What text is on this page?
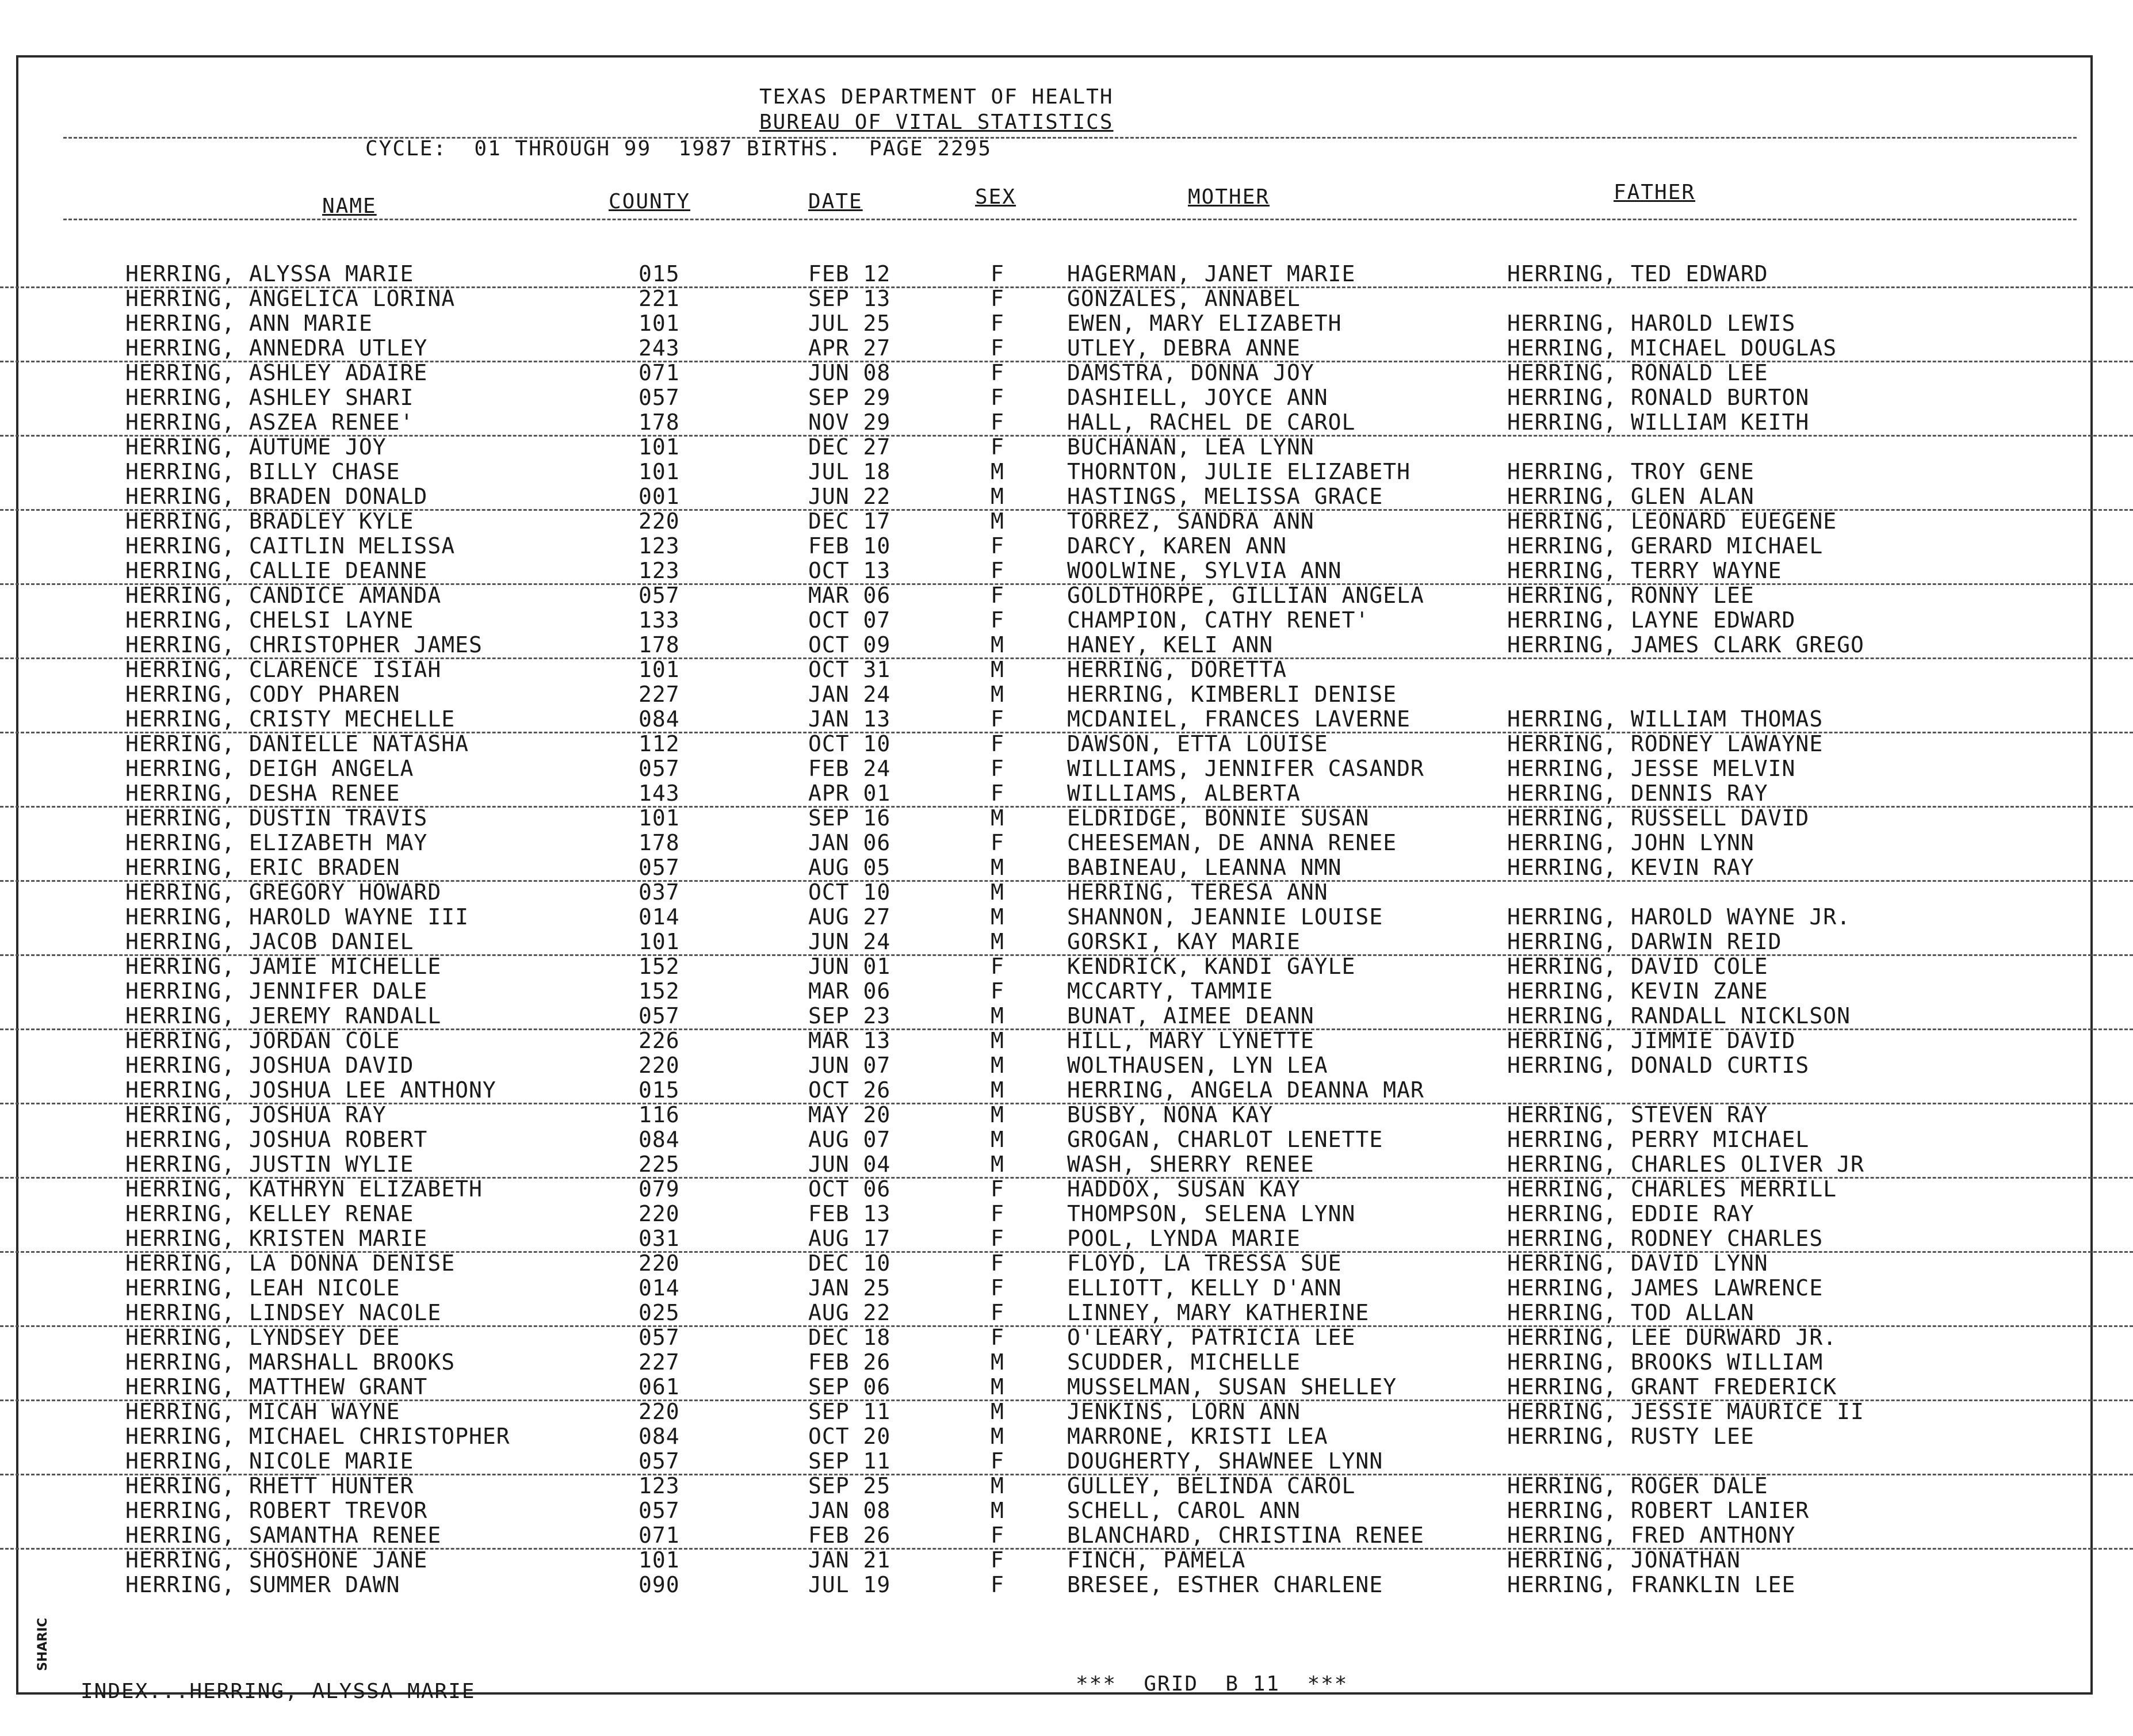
TEXAS DEPARTMENT OF HEALTH
BUREAU OF VITAL STATISTICS
CYCLE:  01 THROUGH 99  1987 BIRTHS.  PAGE 2295
NAME	COUNTY	DATE	SEX	MOTHER	FATHER
HERRING, ALYSSA MARIE	015	FEB 12	F	HAGERMAN, JANET MARIE	HERRING, TED EDWARD
HERRING, ANGELICA LORINA	221	SEP 13	F	GONZALES, ANNABEL
HERRING, ANN MARIE	101	JUL 25	F	EWEN, MARY ELIZABETH	HERRING, HAROLD LEWIS
HERRING, ANNEDRA UTLEY	243	APR 27	F	UTLEY, DEBRA ANNE	HERRING, MICHAEL DOUGLAS
HERRING, ASHLEY ADAIRE	071	JUN 08	F	DAMSTRA, DONNA JOY	HERRING, RONALD LEE
HERRING, ASHLEY SHARI	057	SEP 29	F	DASHIELL, JOYCE ANN	HERRING, RONALD BURTON
HERRING, ASZEA RENEE'	178	NOV 29	F	HALL, RACHEL DE CAROL	HERRING, WILLIAM KEITH
HERRING, AUTUME JOY	101	DEC 27	F	BUCHANAN, LEA LYNN
HERRING, BILLY CHASE	101	JUL 18	M	THORNTON, JULIE ELIZABETH	HERRING, TROY GENE
HERRING, BRADEN DONALD	001	JUN 22	M	HASTINGS, MELISSA GRACE	HERRING, GLEN ALAN
HERRING, BRADLEY KYLE	220	DEC 17	M	TORREZ, SANDRA ANN	HERRING, LEONARD EUEGENE
HERRING, CAITLIN MELISSA	123	FEB 10	F	DARCY, KAREN ANN	HERRING, GERARD MICHAEL
HERRING, CALLIE DEANNE	123	OCT 13	F	WOOLWINE, SYLVIA ANN	HERRING, TERRY WAYNE
HERRING, CANDICE AMANDA	057	MAR 06	F	GOLDTHORPE, GILLIAN ANGELA	HERRING, RONNY LEE
HERRING, CHELSI LAYNE	133	OCT 07	F	CHAMPION, CATHY RENET'	HERRING, LAYNE EDWARD
HERRING, CHRISTOPHER JAMES	178	OCT 09	M	HANEY, KELI ANN	HERRING, JAMES CLARK GREGO
HERRING, CLARENCE ISIAH	101	OCT 31	M	HERRING, DORETTA
HERRING, CODY PHAREN	227	JAN 24	M	HERRING, KIMBERLI DENISE
HERRING, CRISTY MECHELLE	084	JAN 13	F	MCDANIEL, FRANCES LAVERNE	HERRING, WILLIAM THOMAS
HERRING, DANIELLE NATASHA	112	OCT 10	F	DAWSON, ETTA LOUISE	HERRING, RODNEY LAWAYNE
HERRING, DEIGH ANGELA	057	FEB 24	F	WILLIAMS, JENNIFER CASANDR	HERRING, JESSE MELVIN
HERRING, DESHA RENEE	143	APR 01	F	WILLIAMS, ALBERTA	HERRING, DENNIS RAY
HERRING, DUSTIN TRAVIS	101	SEP 16	M	ELDRIDGE, BONNIE SUSAN	HERRING, RUSSELL DAVID
HERRING, ELIZABETH MAY	178	JAN 06	F	CHEESEMAN, DE ANNA RENEE	HERRING, JOHN LYNN
HERRING, ERIC BRADEN	057	AUG 05	M	BABINEAU, LEANNA NMN	HERRING, KEVIN RAY
HERRING, GREGORY HOWARD	037	OCT 10	M	HERRING, TERESA ANN
HERRING, HAROLD WAYNE III	014	AUG 27	M	SHANNON, JEANNIE LOUISE	HERRING, HAROLD WAYNE JR.
HERRING, JACOB DANIEL	101	JUN 24	M	GORSKI, KAY MARIE	HERRING, DARWIN REID
HERRING, JAMIE MICHELLE	152	JUN 01	F	KENDRICK, KANDI GAYLE	HERRING, DAVID COLE
HERRING, JENNIFER DALE	152	MAR 06	F	MCCARTY, TAMMIE	HERRING, KEVIN ZANE
HERRING, JEREMY RANDALL	057	SEP 23	M	BUNAT, AIMEE DEANN	HERRING, RANDALL NICKLSON
HERRING, JORDAN COLE	226	MAR 13	M	HILL, MARY LYNETTE	HERRING, JIMMIE DAVID
HERRING, JOSHUA DAVID	220	JUN 07	M	WOLTHAUSEN, LYN LEA	HERRING, DONALD CURTIS
HERRING, JOSHUA LEE ANTHONY	015	OCT 26	M	HERRING, ANGELA DEANNA MAR
HERRING, JOSHUA RAY	116	MAY 20	M	BUSBY, NONA KAY	HERRING, STEVEN RAY
HERRING, JOSHUA ROBERT	084	AUG 07	M	GROGAN, CHARLOT LENETTE	HERRING, PERRY MICHAEL
HERRING, JUSTIN WYLIE	225	JUN 04	M	WASH, SHERRY RENEE	HERRING, CHARLES OLIVER JR
HERRING, KATHRYN ELIZABETH	079	OCT 06	F	HADDOX, SUSAN KAY	HERRING, CHARLES MERRILL
HERRING, KELLEY RENAE	220	FEB 13	F	THOMPSON, SELENA LYNN	HERRING, EDDIE RAY
HERRING, KRISTEN MARIE	031	AUG 17	F	POOL, LYNDA MARIE	HERRING, RODNEY CHARLES
HERRING, LA DONNA DENISE	220	DEC 10	F	FLOYD, LA TRESSA SUE	HERRING, DAVID LYNN
HERRING, LEAH NICOLE	014	JAN 25	F	ELLIOTT, KELLY D'ANN	HERRING, JAMES LAWRENCE
HERRING, LINDSEY NACOLE	025	AUG 22	F	LINNEY, MARY KATHERINE	HERRING, TOD ALLAN
HERRING, LYNDSEY DEE	057	DEC 18	F	O'LEARY, PATRICIA LEE	HERRING, LEE DURWARD JR.
HERRING, MARSHALL BROOKS	227	FEB 26	M	SCUDDER, MICHELLE	HERRING, BROOKS WILLIAM
HERRING, MATTHEW GRANT	061	SEP 06	M	MUSSELMAN, SUSAN SHELLEY	HERRING, GRANT FREDERICK
HERRING, MICAH WAYNE	220	SEP 11	M	JENKINS, LORN ANN	HERRING, JESSIE MAURICE II
HERRING, MICHAEL CHRISTOPHER	084	OCT 20	M	MARRONE, KRISTI LEA	HERRING, RUSTY LEE
HERRING, NICOLE MARIE	057	SEP 11	F	DOUGHERTY, SHAWNEE LYNN
HERRING, RHETT HUNTER	123	SEP 25	M	GULLEY, BELINDA CAROL	HERRING, ROGER DALE
HERRING, ROBERT TREVOR	057	JAN 08	M	SCHELL, CAROL ANN	HERRING, ROBERT LANIER
HERRING, SAMANTHA RENEE	071	FEB 26	F	BLANCHARD, CHRISTINA RENEE	HERRING, FRED ANTHONY
HERRING, SHOSHONE JANE	101	JAN 21	F	FINCH, PAMELA	HERRING, JONATHAN
HERRING, SUMMER DAWN	090	JUL 19	F	BRESEE, ESTHER CHARLENE	HERRING, FRANKLIN LEE
INDEX...HERRING, ALYSSA MARIE	***  GRID  B 11  ***
SHARIC
